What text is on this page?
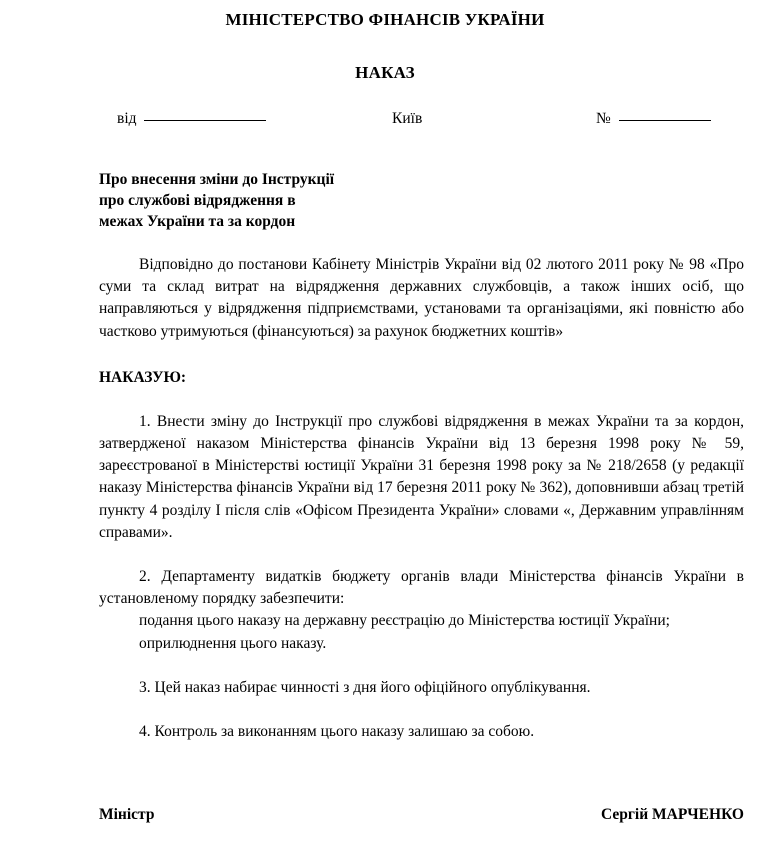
МІНІСТЕРСТВО ФІНАНСІВ УКРАЇНИ
НАКАЗ
від	Київ	№
Про внесення зміни до Інструкції
про службові відрядження в
межах України та за кордон

Відповідно до постанови Кабінету Міністрів України від 02 лютого 2011 року № 98 «Про суми та склад витрат на відрядження державних службовців, а також інших осіб, що направляються у відрядження підприємствами, установами та організаціями, які повністю або частково утримуються (фінансуються) за рахунок бюджетних коштів»

НАКАЗУЮ:

1. Внести зміну до Інструкції про службові відрядження в межах України та за кордон, затвердженої наказом Міністерства фінансів України від 13 березня 1998 року № 59, зареєстрованої в Міністерстві юстиції України 31 березня 1998 року за № 218/2658 (у редакції наказу Міністерства фінансів України від 17 березня 2011 року № 362), доповнивши абзац третій пункту 4 розділу I після слів «Офісом Президента України» словами «, Державним управлінням справами».

2. Департаменту видатків бюджету органів влади Міністерства фінансів України в установленому порядку забезпечити:

подання цього наказу на державну реєстрацію до Міністерства юстиції України;

оприлюднення цього наказу.

3. Цей наказ набирає чинності з дня його офіційного опублікування.

4. Контроль за виконанням цього наказу залишаю за собою.

Міністр	Сергій МАРЧЕНКО
